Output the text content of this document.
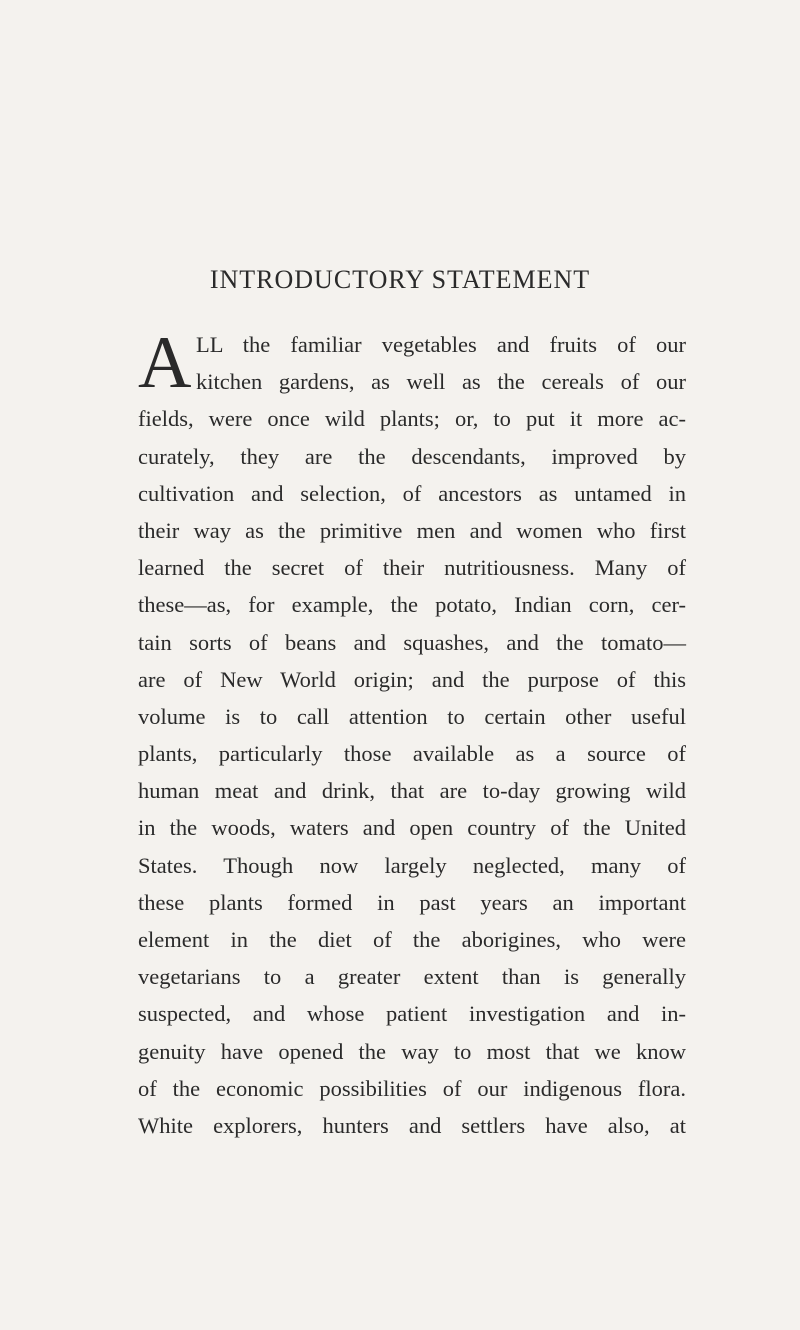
INTRODUCTORY STATEMENT
A LL the familiar vegetables and fruits of our
kitchen gardens, as well as the cereals of our
fields, were once wild plants; or, to put it more ac-
curately, they are the descendants, improved by
cultivation and selection, of ancestors as untamed in
their way as the primitive men and women who first
learned the secret of their nutritiousness. Many of
these—as, for example, the potato, Indian corn, cer-
tain sorts of beans and squashes, and the tomato—
are of New World origin; and the purpose of this
volume is to call attention to certain other useful
plants, particularly those available as a source of
human meat and drink, that are to-day growing wild
in the woods, waters and open country of the United
States. Though now largely neglected, many of
these plants formed in past years an important
element in the diet of the aborigines, who were
vegetarians to a greater extent than is generally
suspected, and whose patient investigation and in-
genuity have opened the way to most that we know
of the economic possibilities of our indigenous flora.
White explorers, hunters and settlers have also, at
